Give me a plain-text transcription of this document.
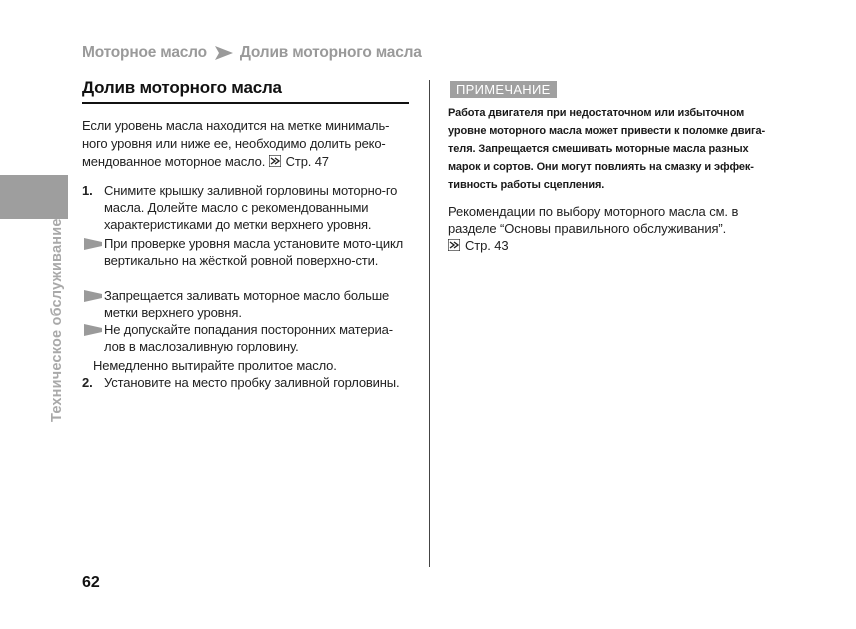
Моторное масло Долив моторного масла
Техническое обслуживание
Долив моторного масла
Если уровень масла находится на метке минималь-ного уровня или ниже ее, необходимо долить реко-мендованное моторное масло. Стр. 47
1. Снимите крышку заливной горловины моторно-го масла. Долейте масло с рекомендованными характеристиками до метки верхнего уровня.
При проверке уровня масла установите мото-цикл вертикально на жёсткой ровной поверхно-сти.
Запрещается заливать моторное масло больше метки верхнего уровня.
Не допускайте попадания посторонних материа-лов в маслозаливную горловину.
Немедленно вытирайте пролитое масло.
2. Установите на место пробку заливной горловины.
ПРИМЕЧАНИЕ
Работа двигателя при недостаточном или избыточном уровне моторного масла может привести к поломке двига-теля. Запрещается смешивать моторные масла разных марок и сортов. Они могут повлиять на смазку и эффек-тивность работы сцепления.
Рекомендации по выбору моторного масла см. в разделе “Основы правильного обслуживания”.
Стр. 43
62
